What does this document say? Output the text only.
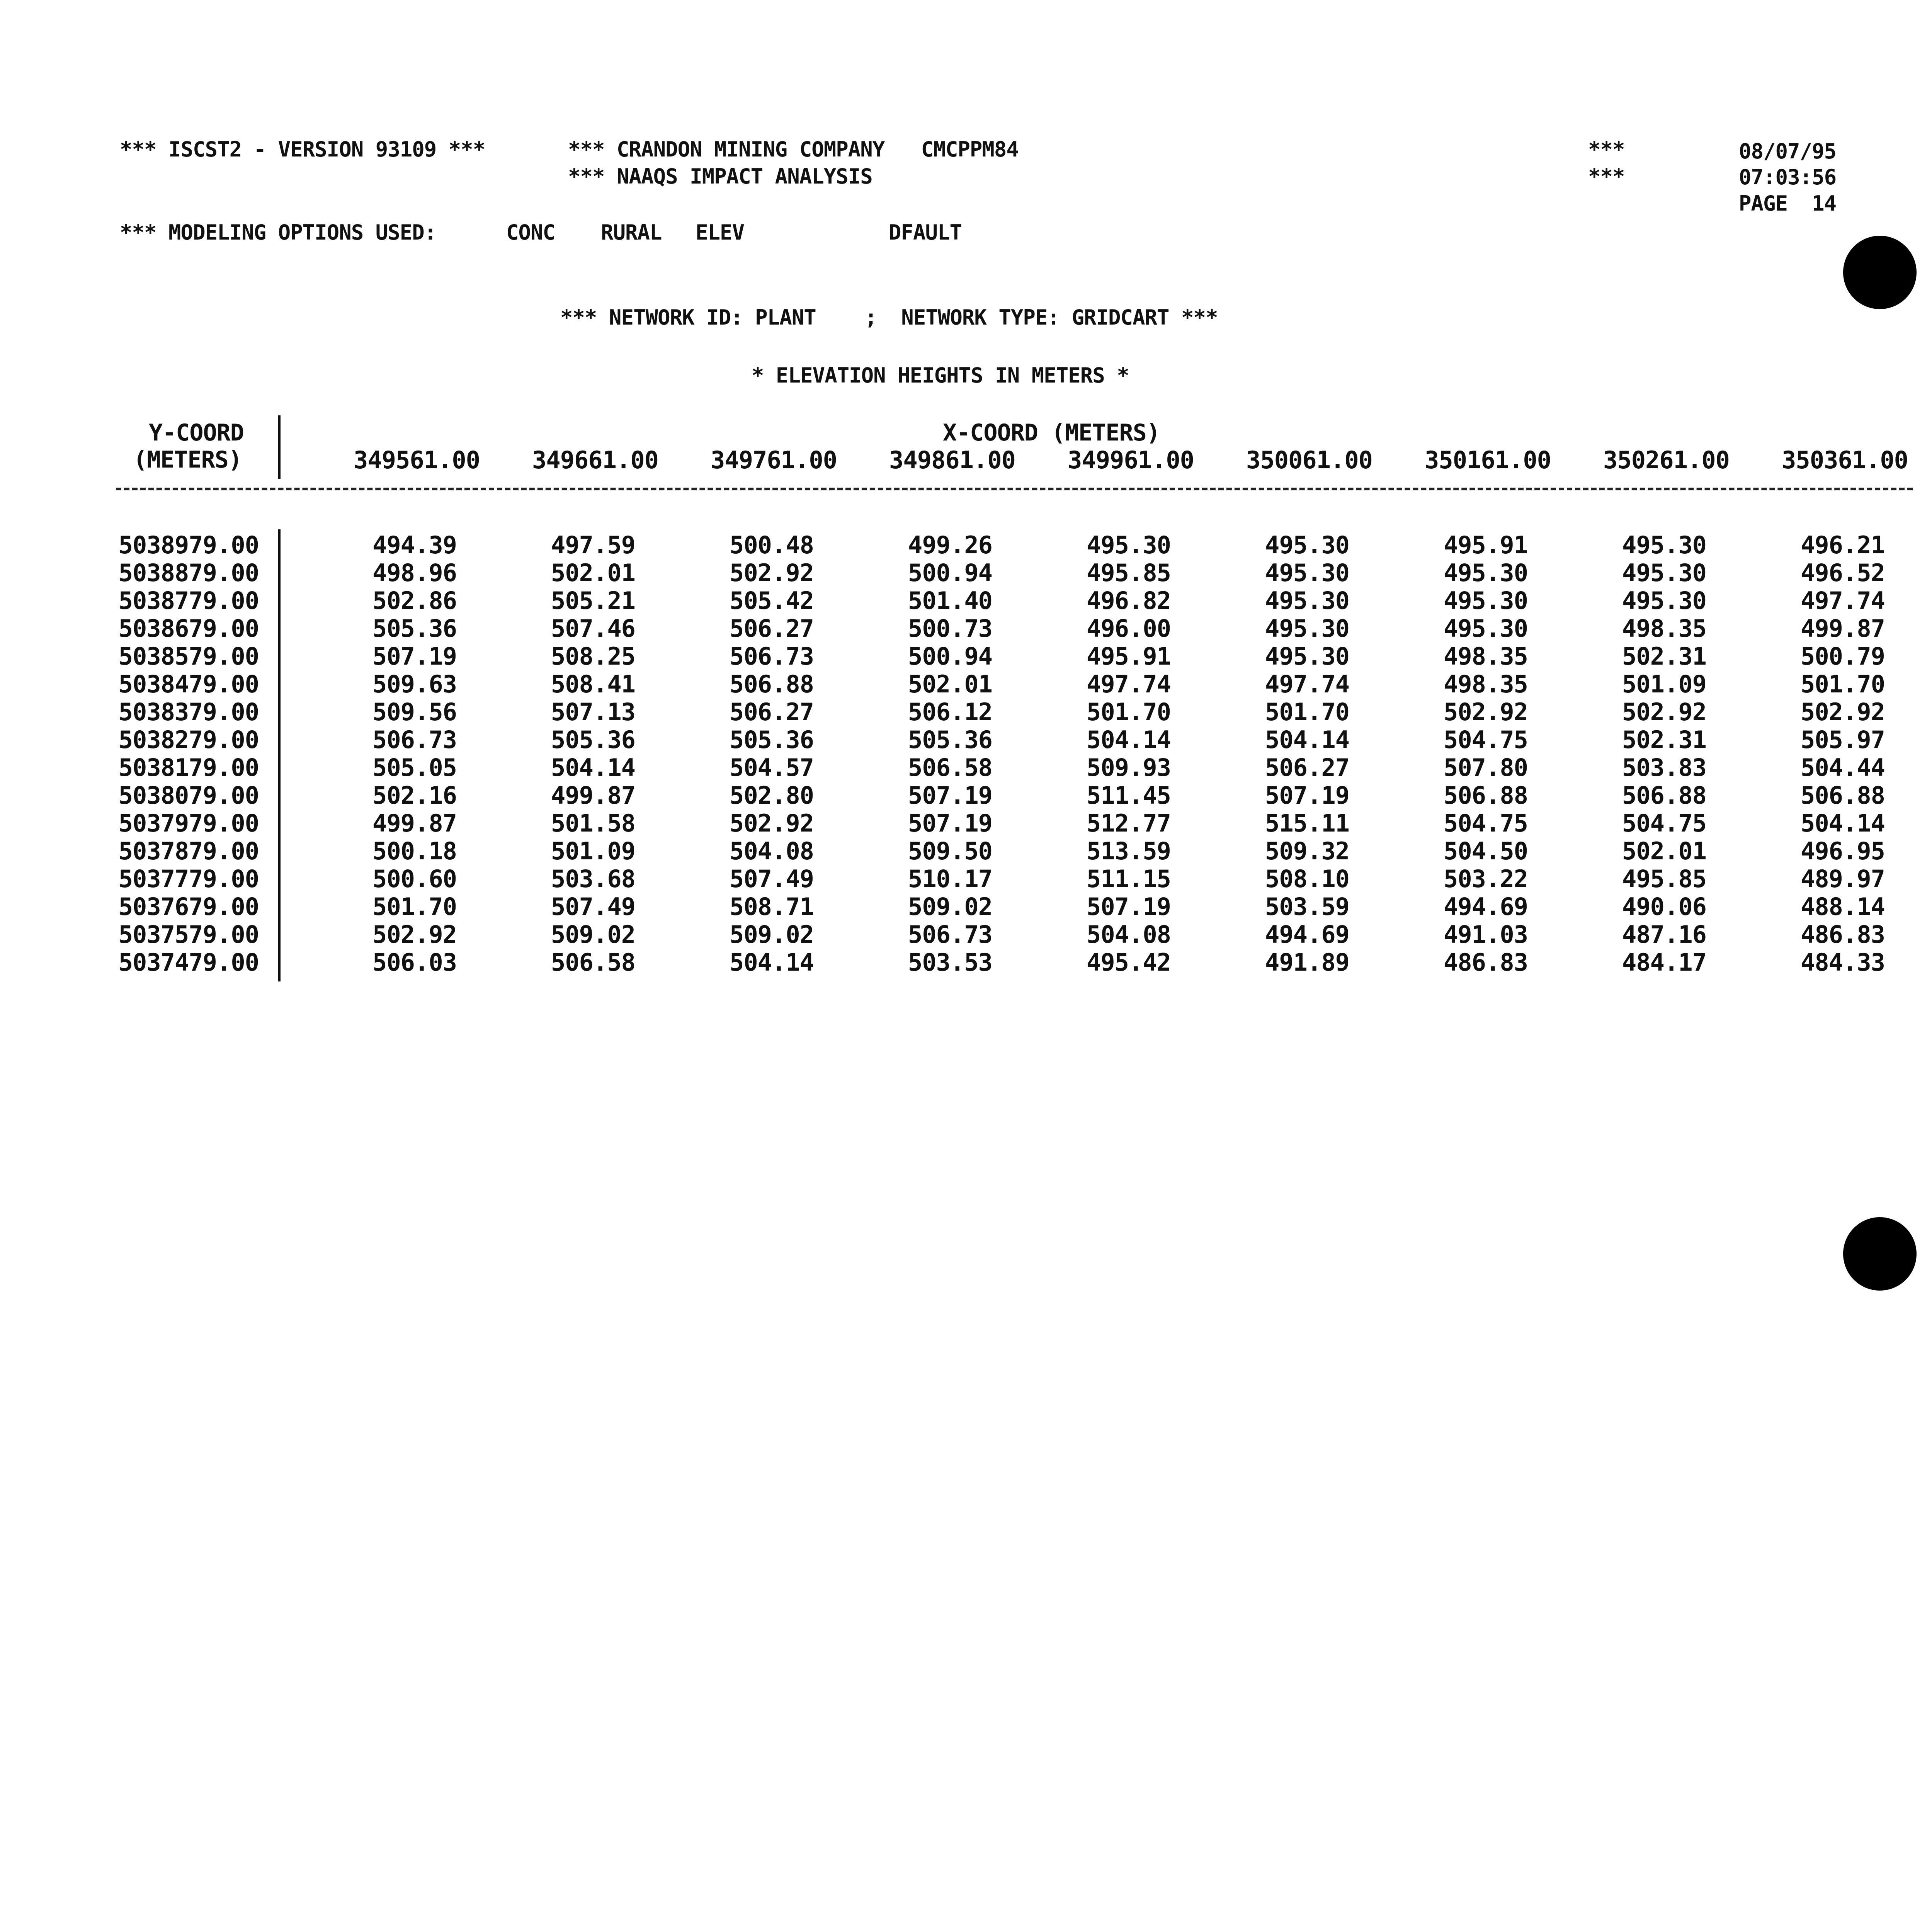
*** ISCST2 - VERSION 93109 ***	*** CRANDON MINING COMPANY   CMCPPM84
*** NAAQS IMPACT ANALYSIS
***
***
08/07/95
07:03:56
PAGE  14
*** MODELING OPTIONS USED:	CONC RURAL ELEV	DFAULT
*** NETWORK ID: PLANT    ;  NETWORK TYPE: GRIDCART ***
* ELEVATION HEIGHTS IN METERS *
Y-COORD
(METERS)
X-COORD (METERS)
349561.00	349661.00	349761.00	349861.00	349961.00	350061.00	350161.00	350261.00	350361.00
5038979.00		494.39	497.59	500.48	499.26	495.30	495.30	495.91	495.30	496.21
5038879.00		498.96	502.01	502.92	500.94	495.85	495.30	495.30	495.30	496.52
5038779.00		502.86	505.21	505.42	501.40	496.82	495.30	495.30	495.30	497.74
5038679.00		505.36	507.46	506.27	500.73	496.00	495.30	495.30	498.35	499.87
5038579.00		507.19	508.25	506.73	500.94	495.91	495.30	498.35	502.31	500.79
5038479.00		509.63	508.41	506.88	502.01	497.74	497.74	498.35	501.09	501.70
5038379.00		509.56	507.13	506.27	506.12	501.70	501.70	502.92	502.92	502.92
5038279.00		506.73	505.36	505.36	505.36	504.14	504.14	504.75	502.31	505.97
5038179.00		505.05	504.14	504.57	506.58	509.93	506.27	507.80	503.83	504.44
5038079.00		502.16	499.87	502.80	507.19	511.45	507.19	506.88	506.88	506.88
5037979.00		499.87	501.58	502.92	507.19	512.77	515.11	504.75	504.75	504.14
5037879.00		500.18	501.09	504.08	509.50	513.59	509.32	504.50	502.01	496.95
5037779.00		500.60	503.68	507.49	510.17	511.15	508.10	503.22	495.85	489.97
5037679.00		501.70	507.49	508.71	509.02	507.19	503.59	494.69	490.06	488.14
5037579.00		502.92	509.02	509.02	506.73	504.08	494.69	491.03	487.16	486.83
5037479.00		506.03	506.58	504.14	503.53	495.42	491.89	486.83	484.17	484.33
